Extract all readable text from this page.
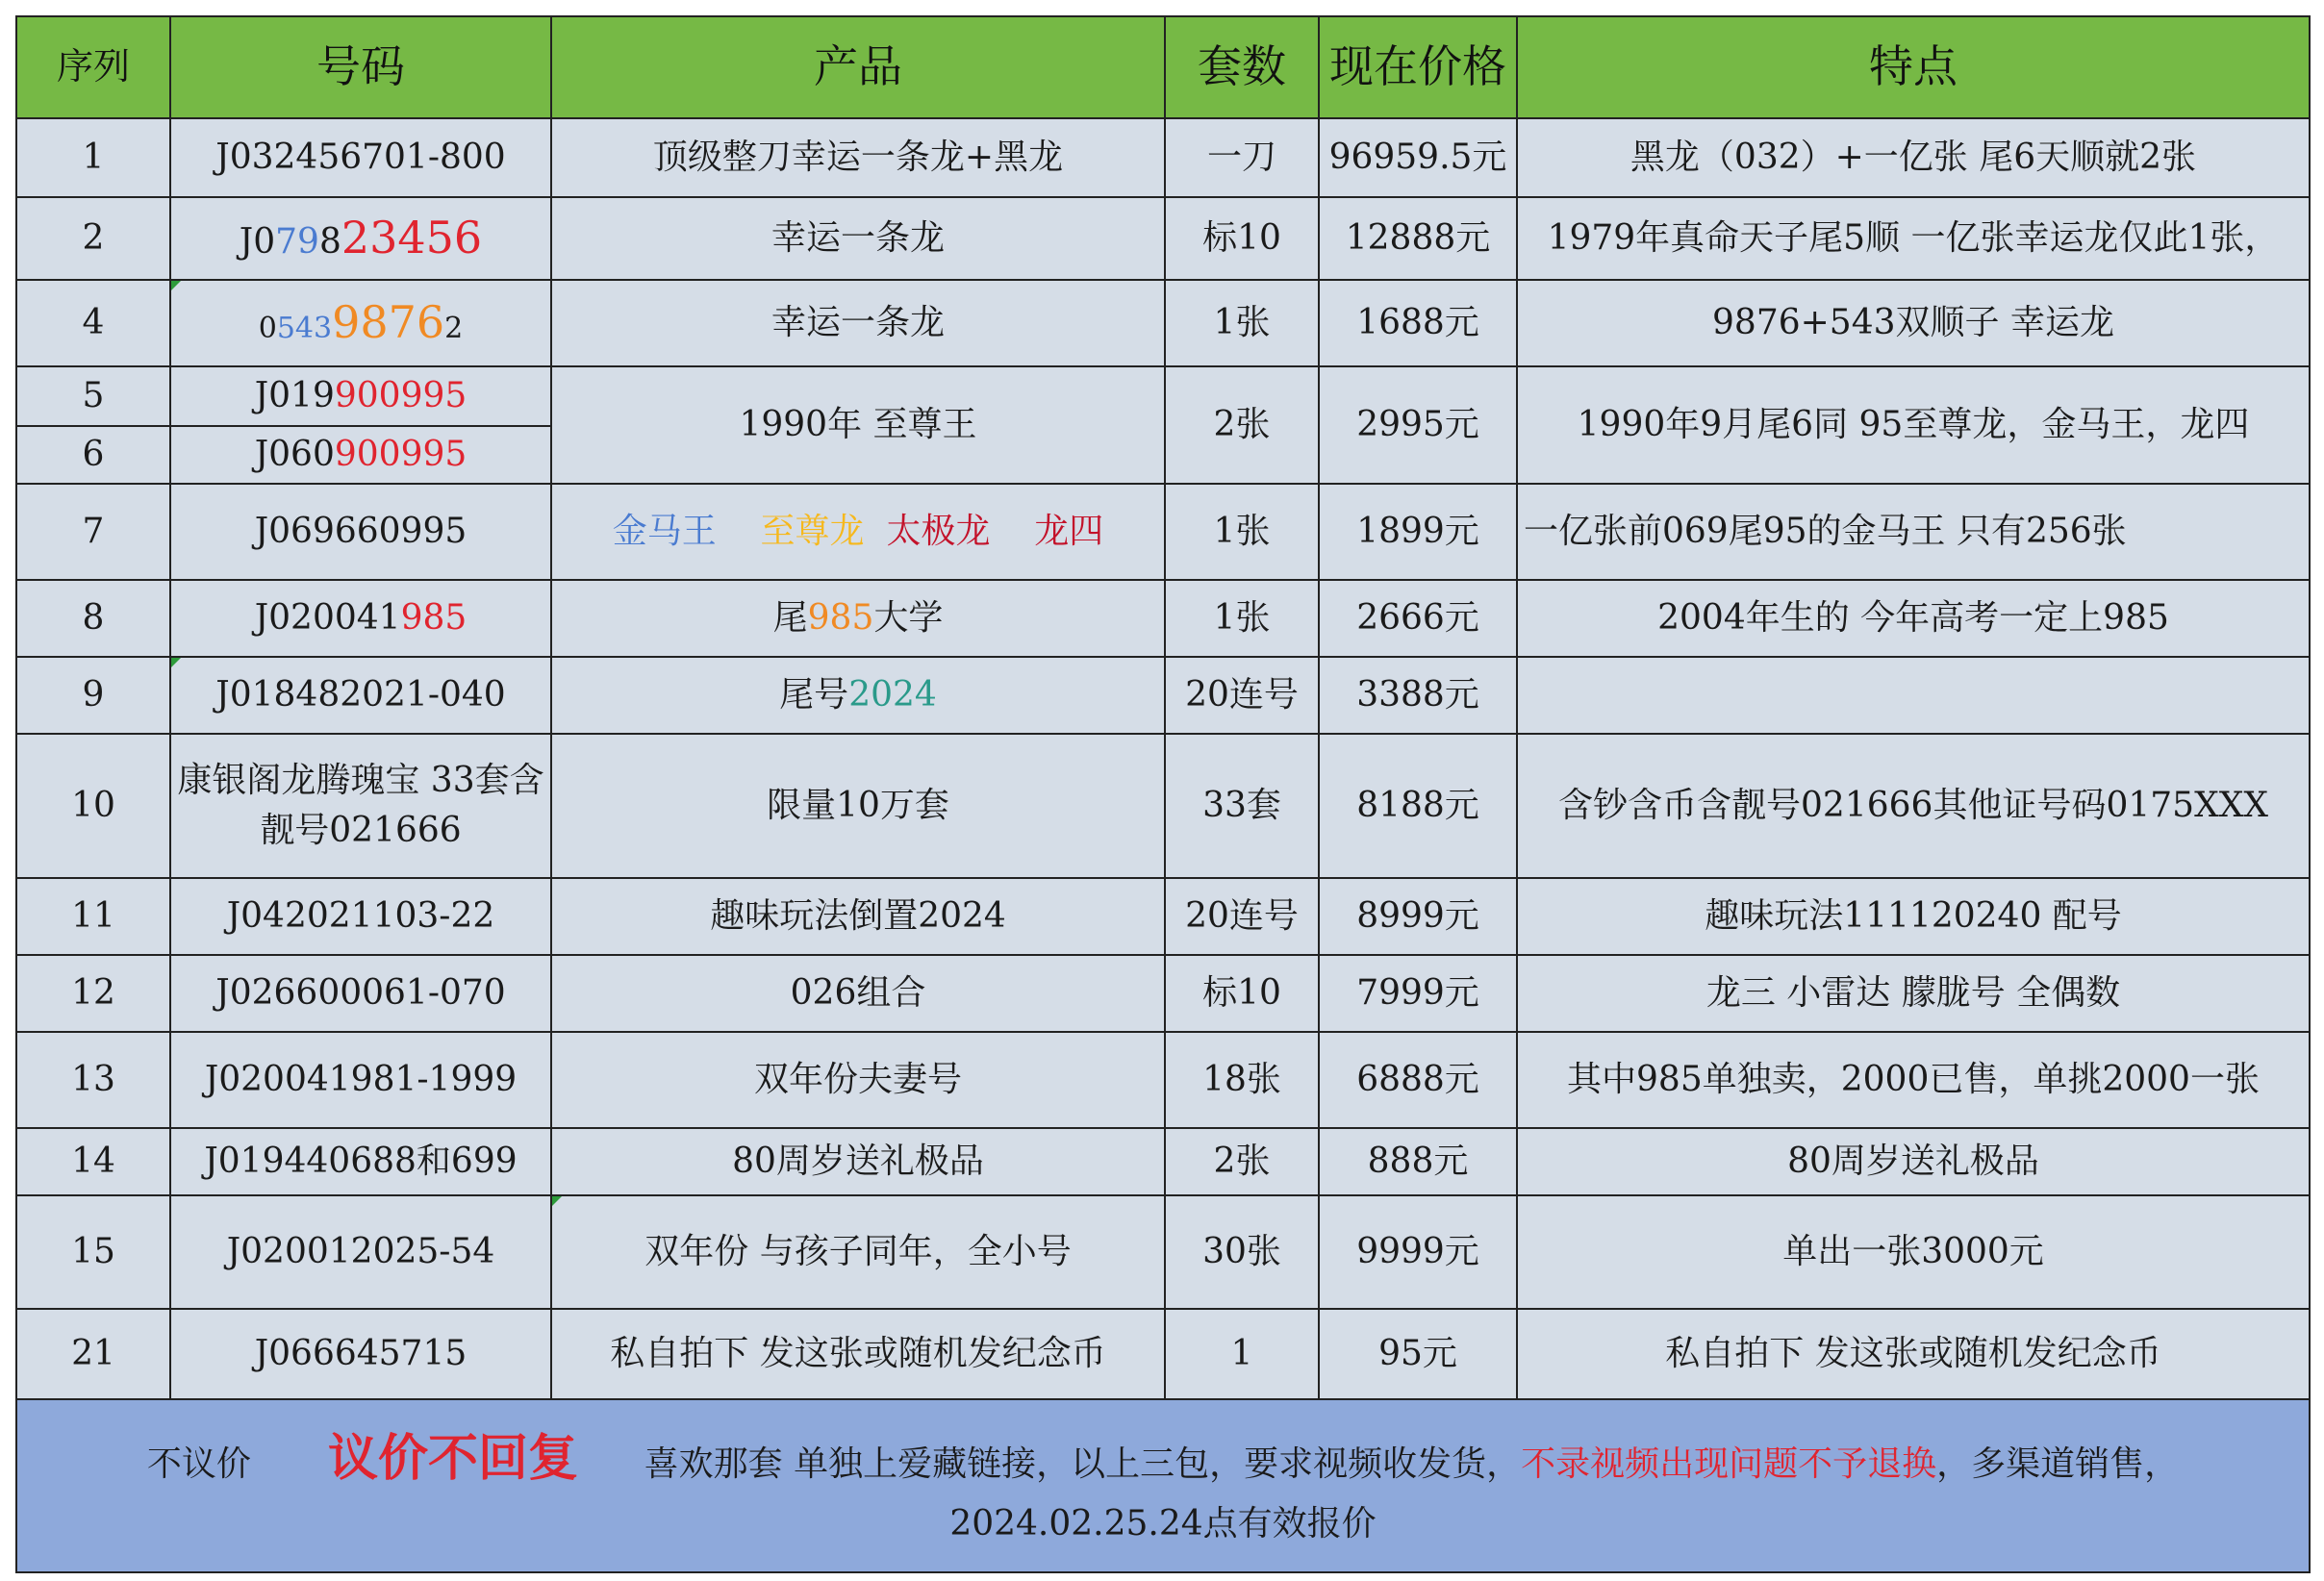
序列	号码	产品	套数	现在价格	特点
1	J032456701-800	顶级整刀幸运一条龙+黑龙	一刀	96959.5元	黑龙（032）+一亿张 尾6天顺就2张
2	J079823456	幸运一条龙	标10	12888元	1979年真命天子尾5顺 一亿张幸运龙仅此1张，
4	054398762	幸运一条龙	1张	1688元	9876+543双顺子 幸运龙
5	J019900995	1990年 至尊王	2张	2995元	1990年9月尾6同 95至尊龙，金马王，龙四
6	J060900995				
7	J069660995	金马王 至尊龙 太极龙 龙四	1张	1899元	一亿张前069尾95的金马王 只有256张
8	J020041985	尾985大学	1张	2666元	2004年生的 今年高考一定上985
9	J018482021-040	尾号2024	20连号	3388元	
10	康银阁龙腾瑰宝 33套含靓号021666	限量10万套	33套	8188元	含钞含币含靓号021666其他证号码0175XXX
11	J042021103-22	趣味玩法倒置2024	20连号	8999元	趣味玩法111120240 配号
12	J026600061-070	026组合	标10	7999元	龙三 小雷达 朦胧号 全偶数
13	J020041981-1999	双年份夫妻号	18张	6888元	其中985单独卖，2000已售，单挑2000一张
14	J019440688和699	80周岁送礼极品	2张	888元	80周岁送礼极品
15	J020012025-54	双年份 与孩子同年，全小号	30张	9999元	单出一张3000元
21	J066645715	私自拍下 发这张或随机发纪念币	1	95元	私自拍下 发这张或随机发纪念币
不议价 议价不回复 喜欢那套 单独上爱藏链接，以上三包，要求视频收发货，不录视频出现问题不予退换，多渠道销售， 2024.02.25.24点有效报价					
